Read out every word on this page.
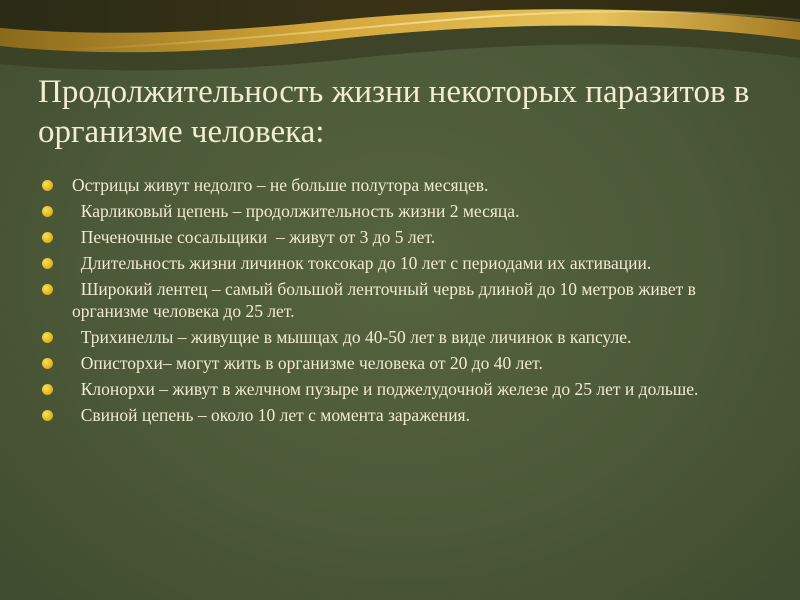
Продолжительность жизни некоторых паразитов в организме человека:
Острицы живут недолго – не больше полутора месяцев.
Карликовый цепень – продолжительность жизни 2 месяца.
Печеночные сосальщики  – живут от 3 до 5 лет.
Длительность жизни личинок токсокар до 10 лет с периодами их активации.
Широкий лентец – самый большой ленточный червь длиной до 10 метров живет в организме человека до 25 лет.
Трихинеллы – живущие в мышцах до 40-50 лет в виде личинок в капсуле.
Описторхи– могут жить в организме человека от 20 до 40 лет.
Клонорхи – живут в желчном пузыре и поджелудочной железе до 25 лет и дольше.
Свиной цепень – около 10 лет с момента заражения.
